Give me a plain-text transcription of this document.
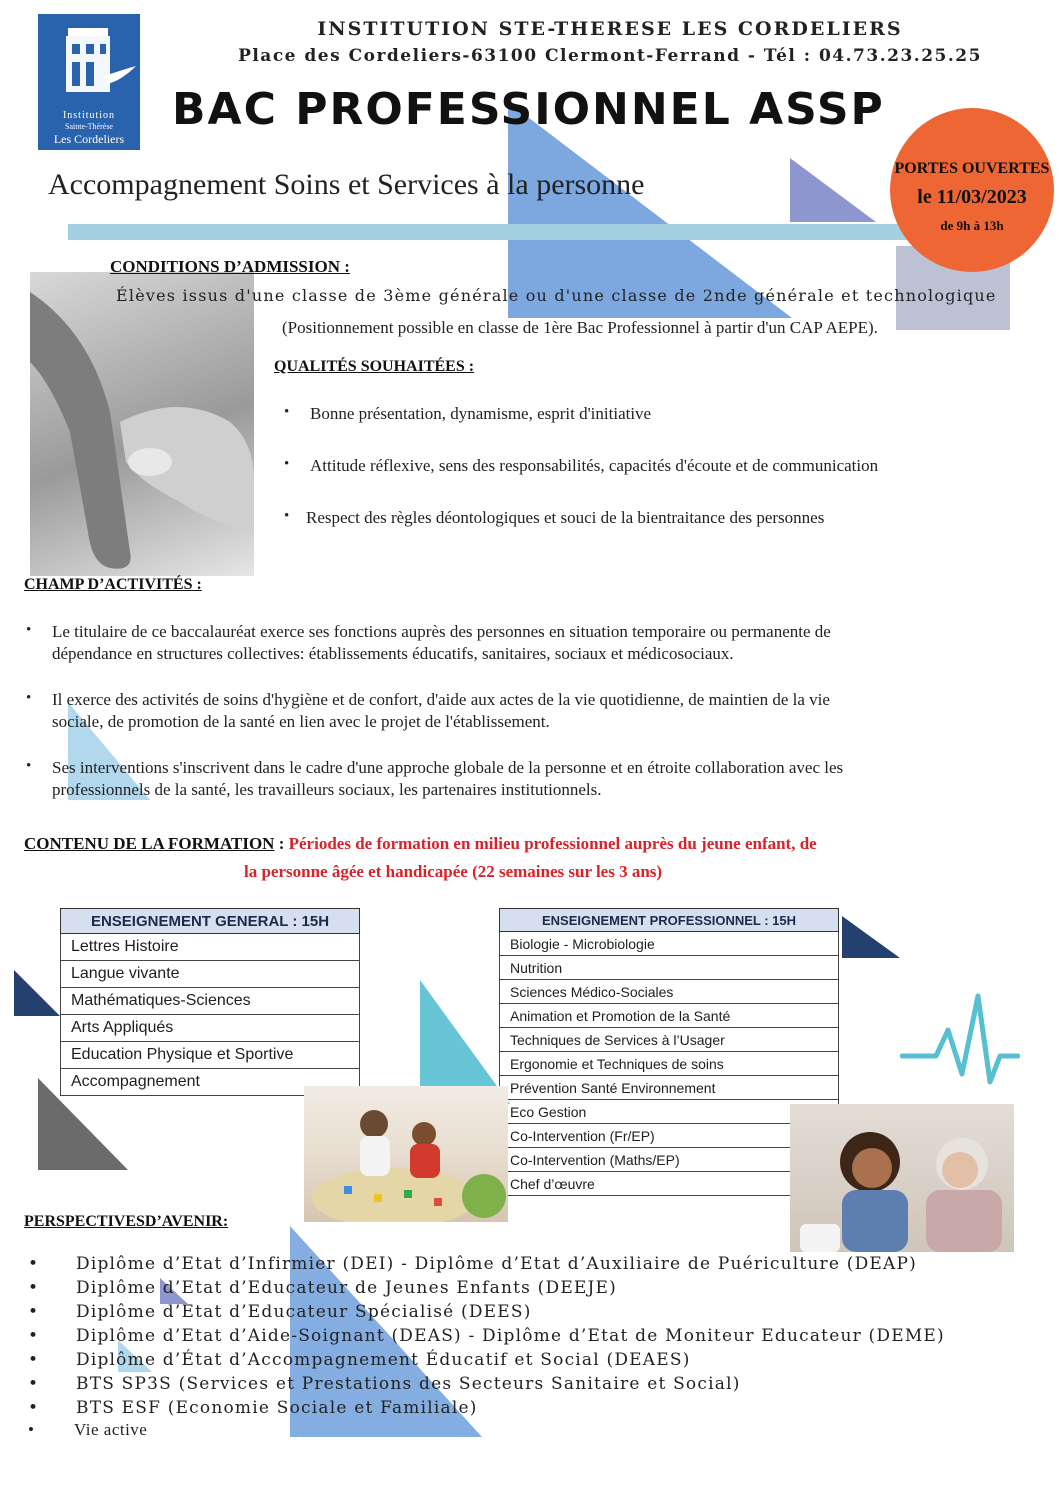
Institution
Sainte-Thérèse
Les Cordeliers
INSTITUTION STE-THERESE LES CORDELIERS
Place des Cordeliers-63100 Clermont-Ferrand - Tél : 04.73.23.25.25
BAC PROFESSIONNEL ASSP
Accompagnement Soins et Services à la personne	PORTES OUVERTES
le 11/03/2023
de 9h à 13h
CONDITIONS D’ADMISSION :
Élèves issus d'une classe de 3ème générale ou d'une classe de 2nde générale et technologique
(Positionnement possible en classe de 1ère Bac Professionnel à partir d'un CAP AEPE).
QUALITÉS SOUHAITÉES :
• Bonne présentation, dynamisme, esprit d'initiative
• Attitude réflexive, sens des responsabilités, capacités d'écoute et de communication
• Respect des règles déontologiques et souci de la bientraitance des personnes
CHAMP D’ACTIVITÉS :
• Le titulaire de ce baccalauréat exerce ses fonctions auprès des personnes en situation temporaire ou permanente de
dépendance en structures collectives: établissements éducatifs, sanitaires, sociaux et médicosociaux.
• Il exerce des activités de soins d'hygiène et de confort, d'aide aux actes de la vie quotidienne, de maintien de la vie
sociale, de promotion de la santé en lien avec le projet de l'établissement.
• Ses interventions s'inscrivent dans le cadre d'une approche globale de la personne et en étroite collaboration avec les
professionnels de la santé, les travailleurs sociaux, les partenaires institutionnels.
CONTENU DE LA FORMATION : Périodes de formation en milieu professionnel auprès du jeune enfant, de
la personne âgée et handicapée (22 semaines sur les 3 ans)
ENSEIGNEMENT GENERAL : 15H
Lettres Histoire
Langue vivante
Mathématiques-Sciences
Arts Appliqués
Education Physique et Sportive
Accompagnement
ENSEIGNEMENT PROFESSIONNEL : 15H
Biologie - Microbiologie
Nutrition
Sciences Médico-Sociales
Animation et Promotion de la Santé
Techniques de Services à l’Usager
Ergonomie et Techniques de soins
Prévention Santé Environnement
Eco Gestion
Co-Intervention (Fr/EP)
Co-Intervention (Maths/EP)
Chef d’œuvre
PERSPECTIVESD’AVENIR:
• Diplôme d’Etat d’Infirmier (DEI) - Diplôme d’Etat d’Auxiliaire de Puériculture (DEAP)
• Diplôme d’Etat d’Educateur de Jeunes Enfants (DEEJE)
• Diplôme d’Etat d’Educateur Spécialisé (DEES)
• Diplôme d’Etat d’Aide-Soignant (DEAS) - Diplôme d’Etat de Moniteur Educateur (DEME)
• Diplôme d’État d’Accompagnement Éducatif et Social (DEAES)
• BTS SP3S (Services et Prestations des Secteurs Sanitaire et Social)
• BTS ESF (Economie Sociale et Familiale)
• Vie active
